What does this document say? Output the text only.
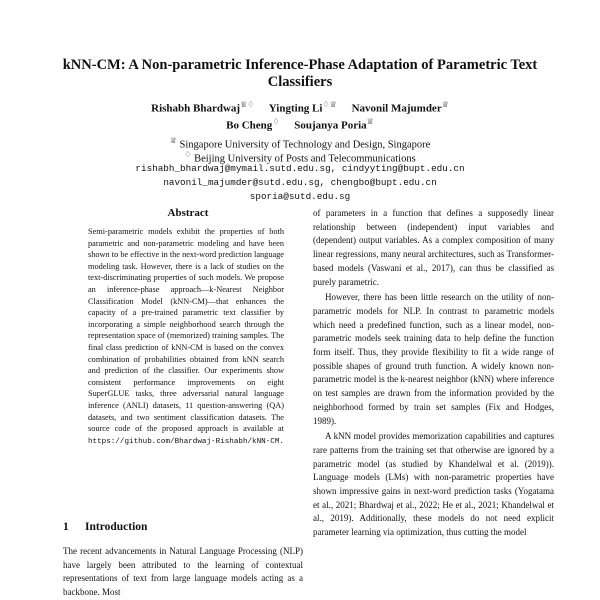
kNN-CM: A Non-parametric Inference-Phase Adaptation of Parametric Text Classifiers
Rishabh Bhardwaj♕♢ Yingting Li♢♕ Navonil Majumder♕
Bo Cheng♢ Soujanya Poria♕
♕ Singapore University of Technology and Design, Singapore
♢ Beijing University of Posts and Telecommunications
rishabh_bhardwaj@mymail.sutd.edu.sg, cindyyting@bupt.edu.cn
navonil_majumder@sutd.edu.sg, chengbo@bupt.edu.cn
sporia@sutd.edu.sg
Abstract
Semi-parametric models exhibit the properties of both parametric and non-parametric modeling and have been shown to be effective in the next-word prediction language modeling task. However, there is a lack of studies on the text-discriminating properties of such models. We propose an inference-phase approach—k-Nearest Neighbor Classification Model (kNN-CM)—that enhances the capacity of a pre-trained parametric text classifier by incorporating a simple neighborhood search through the representation space of (memorized) training samples. The final class prediction of kNN-CM is based on the convex combination of probabilities obtained from kNN search and prediction of the classifier. Our experiments show consistent performance improvements on eight SuperGLUE tasks, three adversarial natural language inference (ANLI) datasets, 11 question-answering (QA) datasets, and two sentiment classification datasets. The source code of the proposed approach is available at https://github.com/Bhardwaj-Rishabh/kNN-CM.
1 Introduction
The recent advancements in Natural Language Processing (NLP) have largely been attributed to the learning of contextual representations of text from large language models acting as a backbone. Most

of parameters in a function that defines a supposedly linear relationship between (independent) input variables and (dependent) output variables. As a complex composition of many linear regressions, many neural architectures, such as Transformer-based models (Vaswani et al., 2017), can thus be classified as purely parametric.

However, there has been little research on the utility of non-parametric models for NLP. In contrast to parametric models which need a predefined function, such as a linear model, non-parametric models seek training data to help define the function form itself. Thus, they provide flexibility to fit a wide range of possible shapes of ground truth function. A widely known non-parametric model is the k-nearest neighbor (kNN) where inference on test samples are drawn from the information provided by the neighborhood formed by train set samples (Fix and Hodges, 1989).

A kNN model provides memorization capabilities and captures rare patterns from the training set that otherwise are ignored by a parametric model (as studied by Khandelwal et al. (2019)). Language models (LMs) with non-parametric properties have shown impressive gains in next-word prediction tasks (Yogatama et al., 2021; Bhardwaj et al., 2022; He et al., 2021; Khandelwal et al., 2019). Additionally, these models do not need explicit parameter learning via optimization, thus cutting the model
